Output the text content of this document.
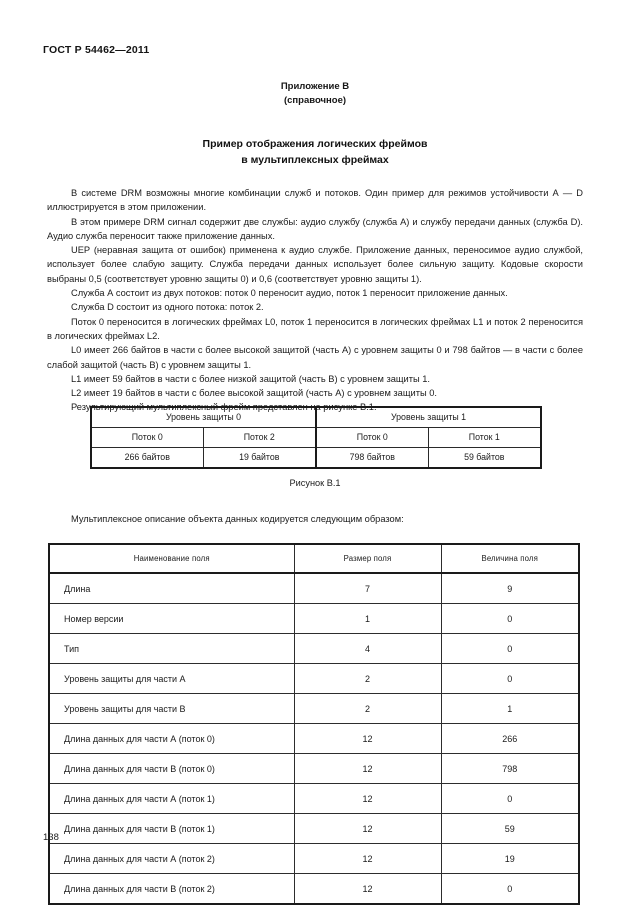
ГОСТ Р 54462—2011
Приложение В
(справочное)
Пример отображения логических фреймов
в мультиплексных фреймах

В системе DRM возможны многие комбинации служб и потоков. Один пример для режимов устойчивости А — D иллюстрируется в этом приложении.

В этом примере DRM сигнал содержит две службы: аудио службу (служба А) и службу передачи данных (служба D). Аудио служба переносит также приложение данных.

UEP (неравная защита от ошибок) применена к аудио службе. Приложение данных, переносимое аудио службой, использует более слабую защиту. Служба передачи данных использует более сильную защиту. Кодовые скорости выбраны 0,5 (соответствует уровню защиты 0) и 0,6 (соответствует уровню защиты 1).

Служба А состоит из двух потоков: поток 0 переносит аудио, поток 1 переносит приложение данных.

Служба D состоит из одного потока: поток 2.

Поток 0 переносится в логических фреймах L0, поток 1 переносится в логических фреймах L1 и поток 2 переносится в логических фреймах L2.

L0 имеет 266 байтов в части с более высокой защитой (часть А) с уровнем защиты 0 и 798 байтов — в части с более слабой защитой (часть В) с уровнем защиты 1.

L1 имеет 59 байтов в части с более низкой защитой (часть В) с уровнем защиты 1.

L2 имеет 19 байтов в части с более высокой защитой (часть А) с уровнем защиты 0.

Результирующий мультиплексный фрейм представлен на рисунке В.1.

Уровень защиты 0		Уровень защиты 1	
Поток 0	Поток 2	Поток 0	Поток 1
266 байтов	19 байтов	798 байтов	59 байтов
Рисунок В.1
Мультиплексное описание объекта данных кодируется следующим образом:
Наименование поля	Размер поля	Величина поля
Длина	7	9
Номер версии	1	0
Тип	4	0
Уровень защиты для части А	2	0
Уровень защиты для части В	2	1
Длина данных для части А (поток 0)	12	266
Длина данных для части В (поток 0)	12	798
Длина данных для части А (поток 1)	12	0
Длина данных для части В (поток 1)	12	59
Длина данных для части А (поток 2)	12	19
Длина данных для части В (поток 2)	12	0
138
